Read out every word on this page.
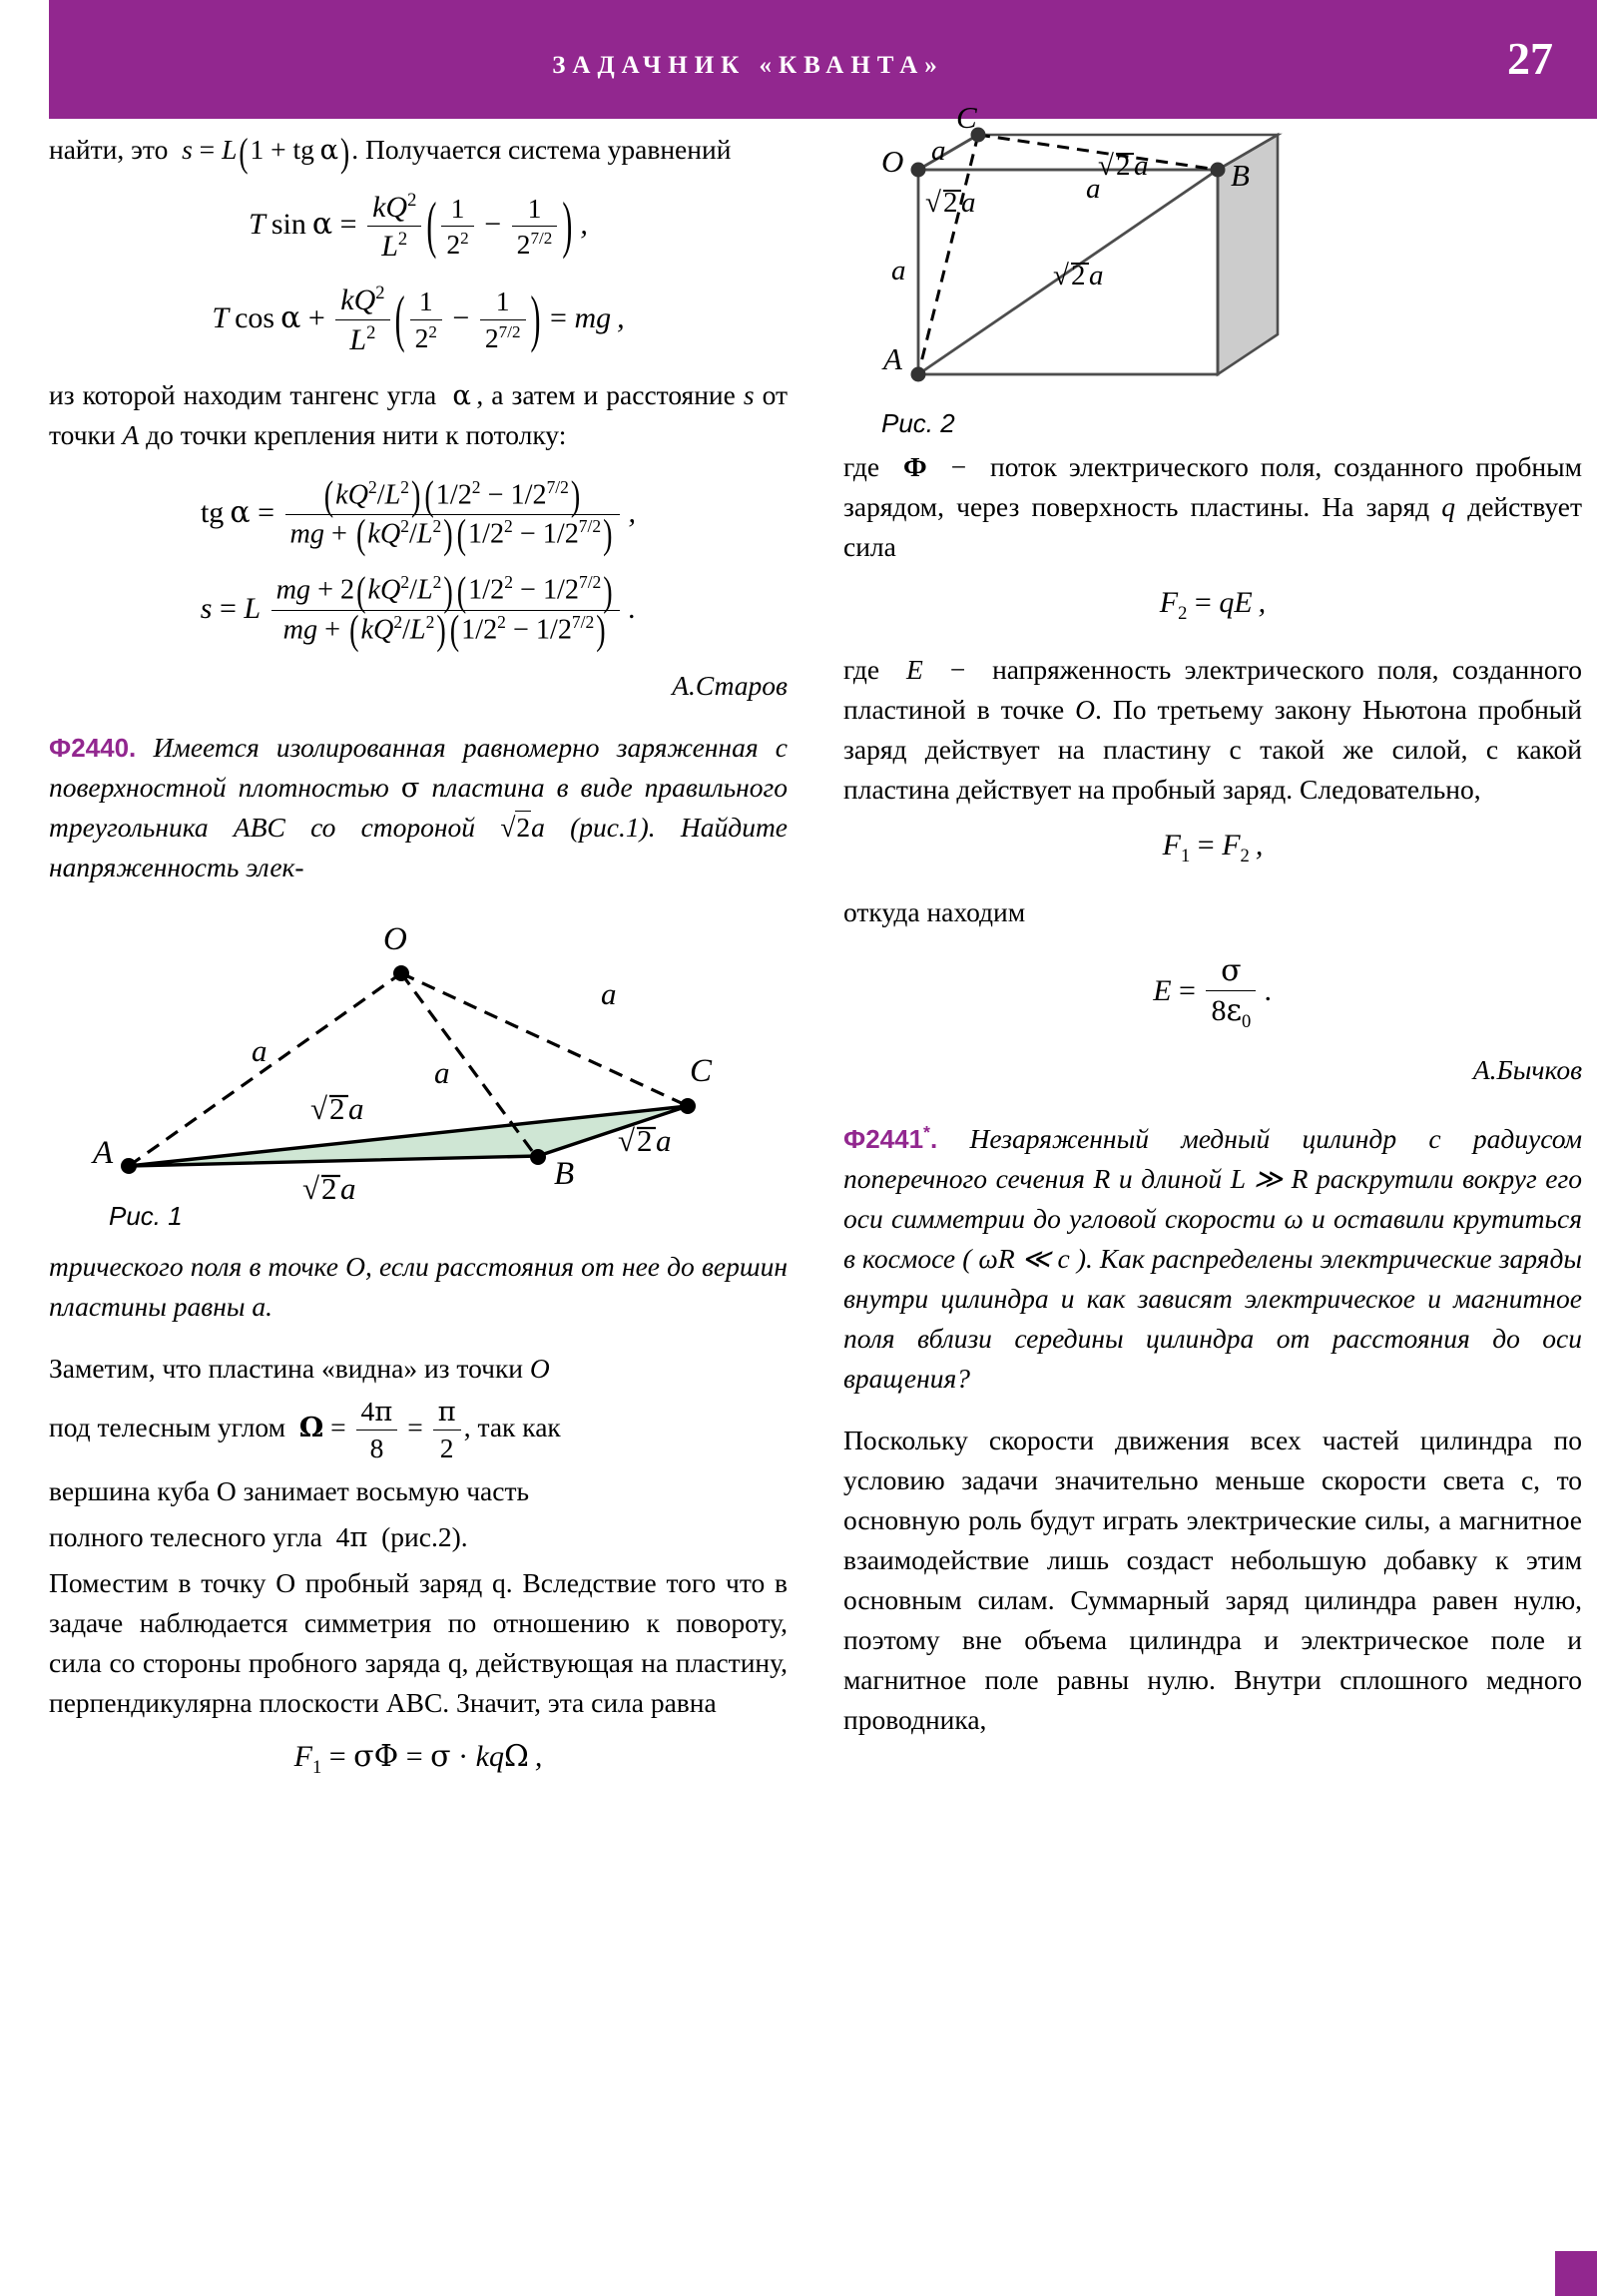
ЗАДАЧНИК «КВАНТА»	27

найти, это  s = L(1 + tg  α). Получается система уравнений

T  $\sin \alpha = \frac{kQ^2}{L^2}$ ( $\frac{1}{2^2} - \frac{1}{2^{7/2}}$ ) ,
T  $\cos \alpha + \frac{kQ^2}{L^2}$ ( $\frac{1}{2^2} - \frac{1}{2^{7/2}}$ ) = mg ,

из которой находим тангенс угла  α , а затем и расстояние s от точки A до точки крепления нити к потолку:

tg  $\alpha = \frac{(kQ^2/L^2) (1/2^2 - 1/2^{7/2})}{mg + (kQ^2/L^2) (1/2^2 - 1/2^{7/2})}$  ,
s = L $\frac{mg + 2(kQ^2/L^2) (1/2^2 - 1/2^{7/2})}{mg + (kQ^2/L^2) (1/2^2 - 1/2^{7/2})}$  .

А.Старов

Ф2440. Имеется изолированная равномерно заряженная с поверхностной плотностью σ пластина в виде правильного треугольника ABC со стороной √2a (рис.1). Найдите напряженность элек-

O
A
B
C
a
a
a
√ 2 a
√ 2 a
√ 2 a
Рис. 1

трического поля в точке O, если расстояния от нее до вершин пластины равны a.

Заметим, что пластина «видна» из точки O

под телесным углом  $\Omega = \frac{4\pi}{8} = \frac{\pi}{2}$ , так как

вершина куба O занимает восьмую часть

полного телесного угла  4π  (рис.2).

Поместим в точку O пробный заряд q. Вследствие того что в задаче наблюдается симметрия по отношению к повороту, сила со стороны пробного заряда q, действующая на пластину, перпендикулярна плоскости ABC. Значит, эта сила равна

$F_1 = \sigma\Phi = \sigma \cdot kq\Omega$ ,
C
O	B
A
a
a
a
√ 2 a
√ 2 a
√ 2 a
Рис. 2

где  Ф  −  поток электрического поля, созданного пробным зарядом, через поверхность пластины. На заряд q действует сила

$F_2$ = qE ,

где  E  −  напряженность электрического поля, созданного пластиной в точке O. По третьему закону Ньютона пробный заряд действует на пластину с такой же силой, с какой пластина действует на пробный заряд. Следовательно,

$F_1 = F_2$ ,

откуда находим

$E = \frac{\sigma}{8\varepsilon_0}$  .

А.Бычков

Ф2441*. Незаряженный медный цилиндр с радиусом поперечного сечения R и длиной L ≫ R раскрутили вокруг его оси симметрии до угловой скорости ω и оставили крутиться в космосе ( ωR ≪ c ). Как распределены электрические заряды внутри цилиндра и как зависят электрическое и магнитное поля вблизи середины цилиндра от расстояния до оси вращения?

Поскольку скорости движения всех частей цилиндра по условию задачи значительно меньше скорости света c, то основную роль будут играть электрические силы, а магнитное взаимодействие лишь создаст небольшую добавку к этим основным силам. Суммарный заряд цилиндра равен нулю, поэтому вне объема цилиндра и электрическое поле и магнитное поле равны нулю. Внутри сплошного медного проводника,
